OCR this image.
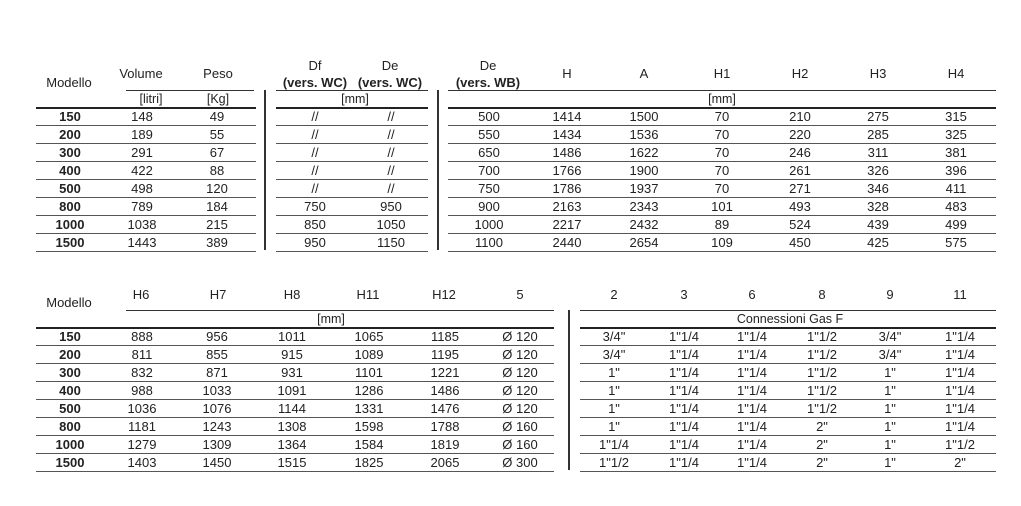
Modello
Volume	Peso
Df
(vers. WC)
De
(vers. WC)
De
(vers. WB)
H	A	H1	H2	H3	H4
[litri]	[Kg]	[mm]	[mm]
150	148	49	//	//	500	1414	1500	70	210	275	315
200	189	55	//	//	550	1434	1536	70	220	285	325
300	291	67	//	//	650	1486	1622	70	246	311	381
400	422	88	//	//	700	1766	1900	70	261	326	396
500	498	120	//	//	750	1786	1937	70	271	346	411
800	789	184	750	950	900	2163	2343	101	493	328	483
1000	1038	215	850	1050	1000	2217	2432	89	524	439	499
1500	1443	389	950	1150	1100	2440	2654	109	450	425	575
Modello
H6	H7	H8	H11	H12	5	2	3	6	8	9	11
[mm]	Connessioni Gas F
150	888	956	1011	1065	1185	Ø 120	3/4"	1"1/4	1"1/4	1"1/2	3/4"	1"1/4
200	811	855	915	1089	1195	Ø 120	3/4"	1"1/4	1"1/4	1"1/2	3/4"	1"1/4
300	832	871	931	1101	1221	Ø 120	1"	1"1/4	1"1/4	1"1/2	1"	1"1/4
400	988	1033	1091	1286	1486	Ø 120	1"	1"1/4	1"1/4	1"1/2	1"	1"1/4
500	1036	1076	1144	1331	1476	Ø 120	1"	1"1/4	1"1/4	1"1/2	1"	1"1/4
800	1181	1243	1308	1598	1788	Ø 160	1"	1"1/4	1"1/4	2"	1"	1"1/4
1000	1279	1309	1364	1584	1819	Ø 160	1"1/4	1"1/4	1"1/4	2"	1"	1"1/2
1500	1403	1450	1515	1825	2065	Ø 300	1"1/2	1"1/4	1"1/4	2"	1"	2"
